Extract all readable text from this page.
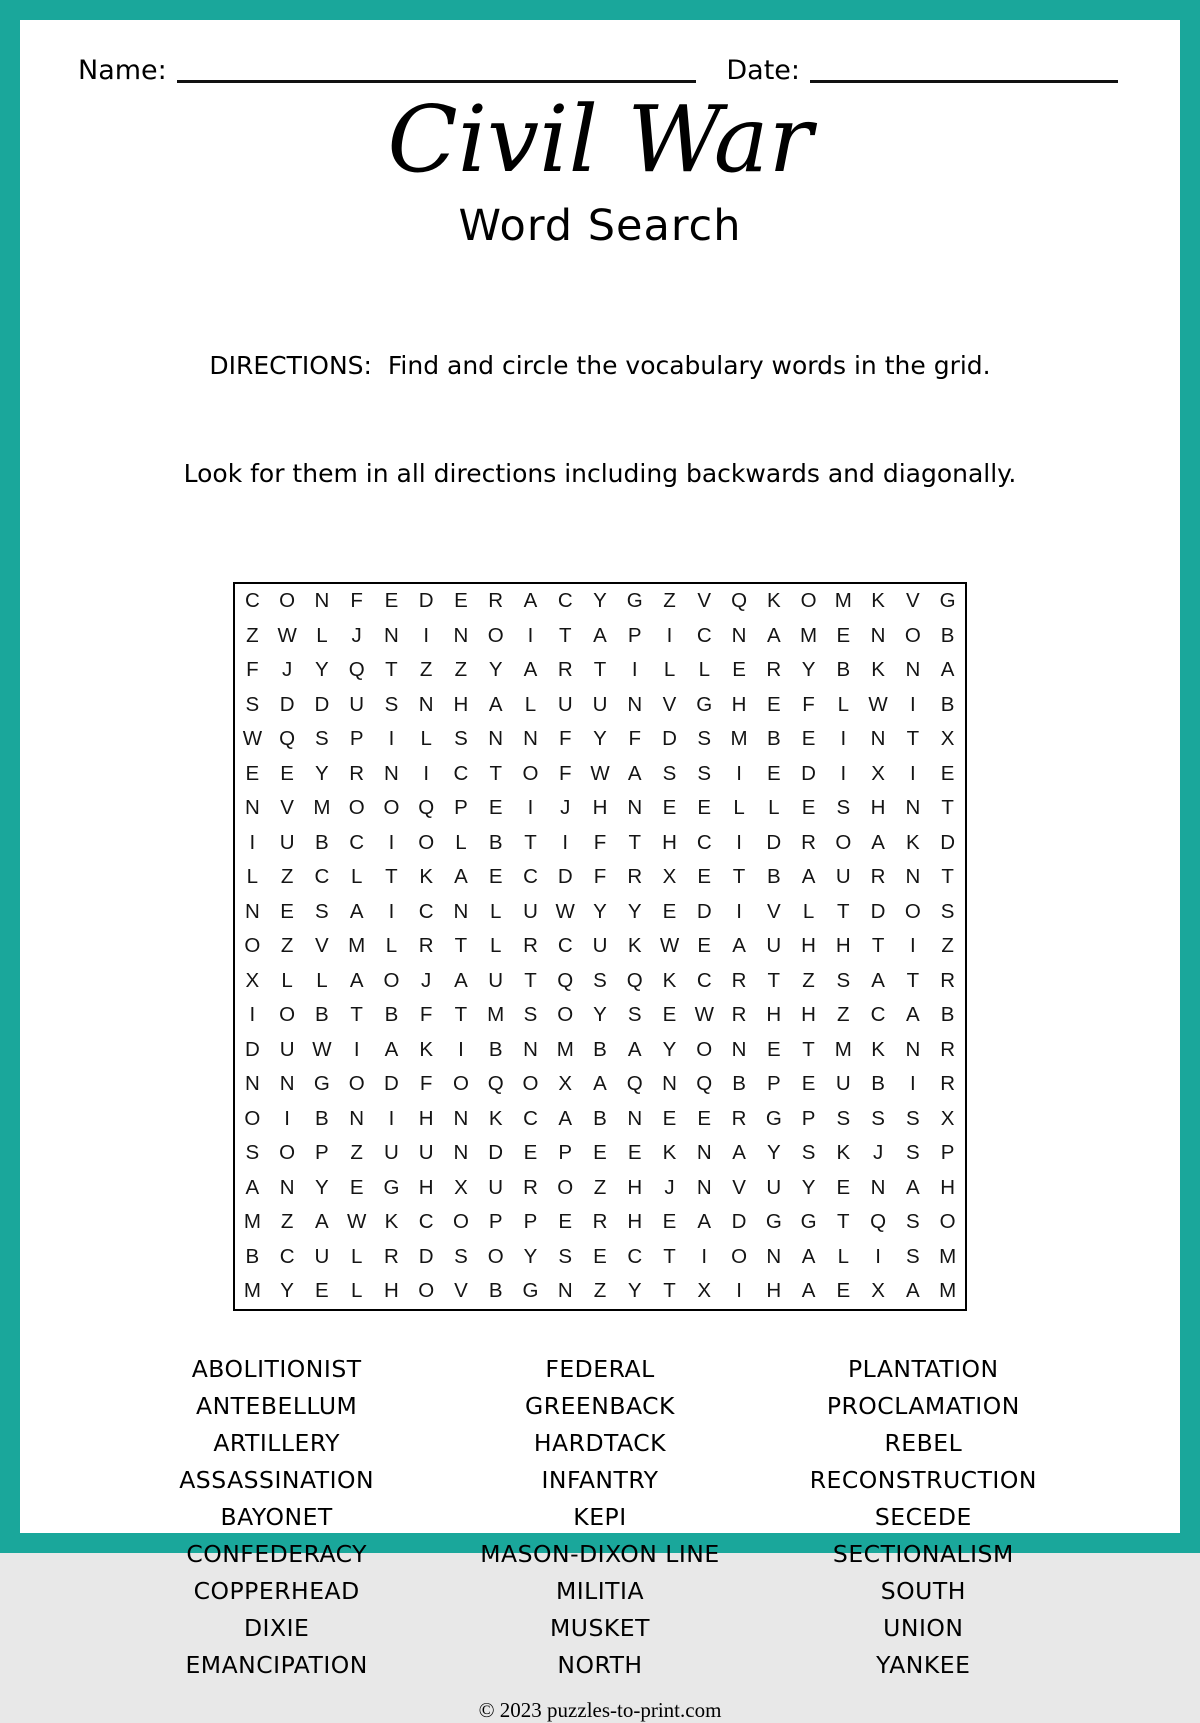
Name:	Date:
Civil War
Word Search

DIRECTIONS:  Find and circle the vocabulary words in the grid.

Look for them in all directions including backwards and diagonally.

C O N	F	E	D	E	R	A	C	Y G	Z	V Q K O M K	V G
Z W L	J	N	I	N O	I	T	A	P	I	C N	A M E	N O B
F	J	Y Q	T	Z	Z	Y	A	R	T	I	L	L	E	R	Y	B	K	N	A
S	D D U	S	N H	A	L	U U N	V G H	E	F	L W	I	B
W Q S	P	I	L	S	N N	F	Y	F	D	S M B	E	I	N	T	X
E	E	Y	R N	I	C	T	O	F W A	S	S	I	E	D	I	X	I	E
N	V M O O Q P	E	I	J	H N	E	E	L	L	E	S	H N	T
I	U	B	C	I	O	L	B	T	I	F	T	H C	I	D R O A	K	D
L	Z	C	L	T	K	A	E	C D	F	R	X	E	T	B	A	U R N	T
N	E	S	A	I	C N	L	U W Y	Y	E	D	I	V	L	T	D O S
O	Z	V M	L	R	T	L	R C U	K W E	A	U H H	T	I	Z
X	L	L	A O	J	A	U	T	Q S Q K	C R	T	Z	S	A	T	R
I	O B	T	B	F	T M S O Y	S	E W R H H	Z	C	A	B
D U W	I	A	K	I	B	N M B	A	Y O N	E	T M K	N R
N N G O D	F	O Q O X	A Q N Q B	P	E	U	B	I	R
O	I	B	N	I	H N	K	C	A	B	N	E	E	R G P	S	S	S	X
S O P	Z	U U N D	E	P	E	E	K	N	A	Y	S	K	J	S	P
A	N	Y	E G H	X	U R O	Z	H	J	N	V	U	Y	E	N	A	H
M Z	A W K	C O P	P	E	R H	E	A	D G G	T	Q S O
B	C U	L	R D	S O Y	S	E	C	T	I	O N	A	L	I	S M
M Y	E	L	H O V	B G N	Z	Y	T	X	I	H	A	E	X	A M
ABOLITIONIST
ANTEBELLUM
ARTILLERY
ASSASSINATION
BAYONET
CONFEDERACY
COPPERHEAD
DIXIE
EMANCIPATION
FEDERAL
GREENBACK
HARDTACK
INFANTRY
KEPI
MASON-DIXON LINE
MILITIA
MUSKET
NORTH
PLANTATION
PROCLAMATION
REBEL
RECONSTRUCTION
SECEDE
SECTIONALISM
SOUTH
UNION
YANKEE
© 2023 puzzles-to-print.com
